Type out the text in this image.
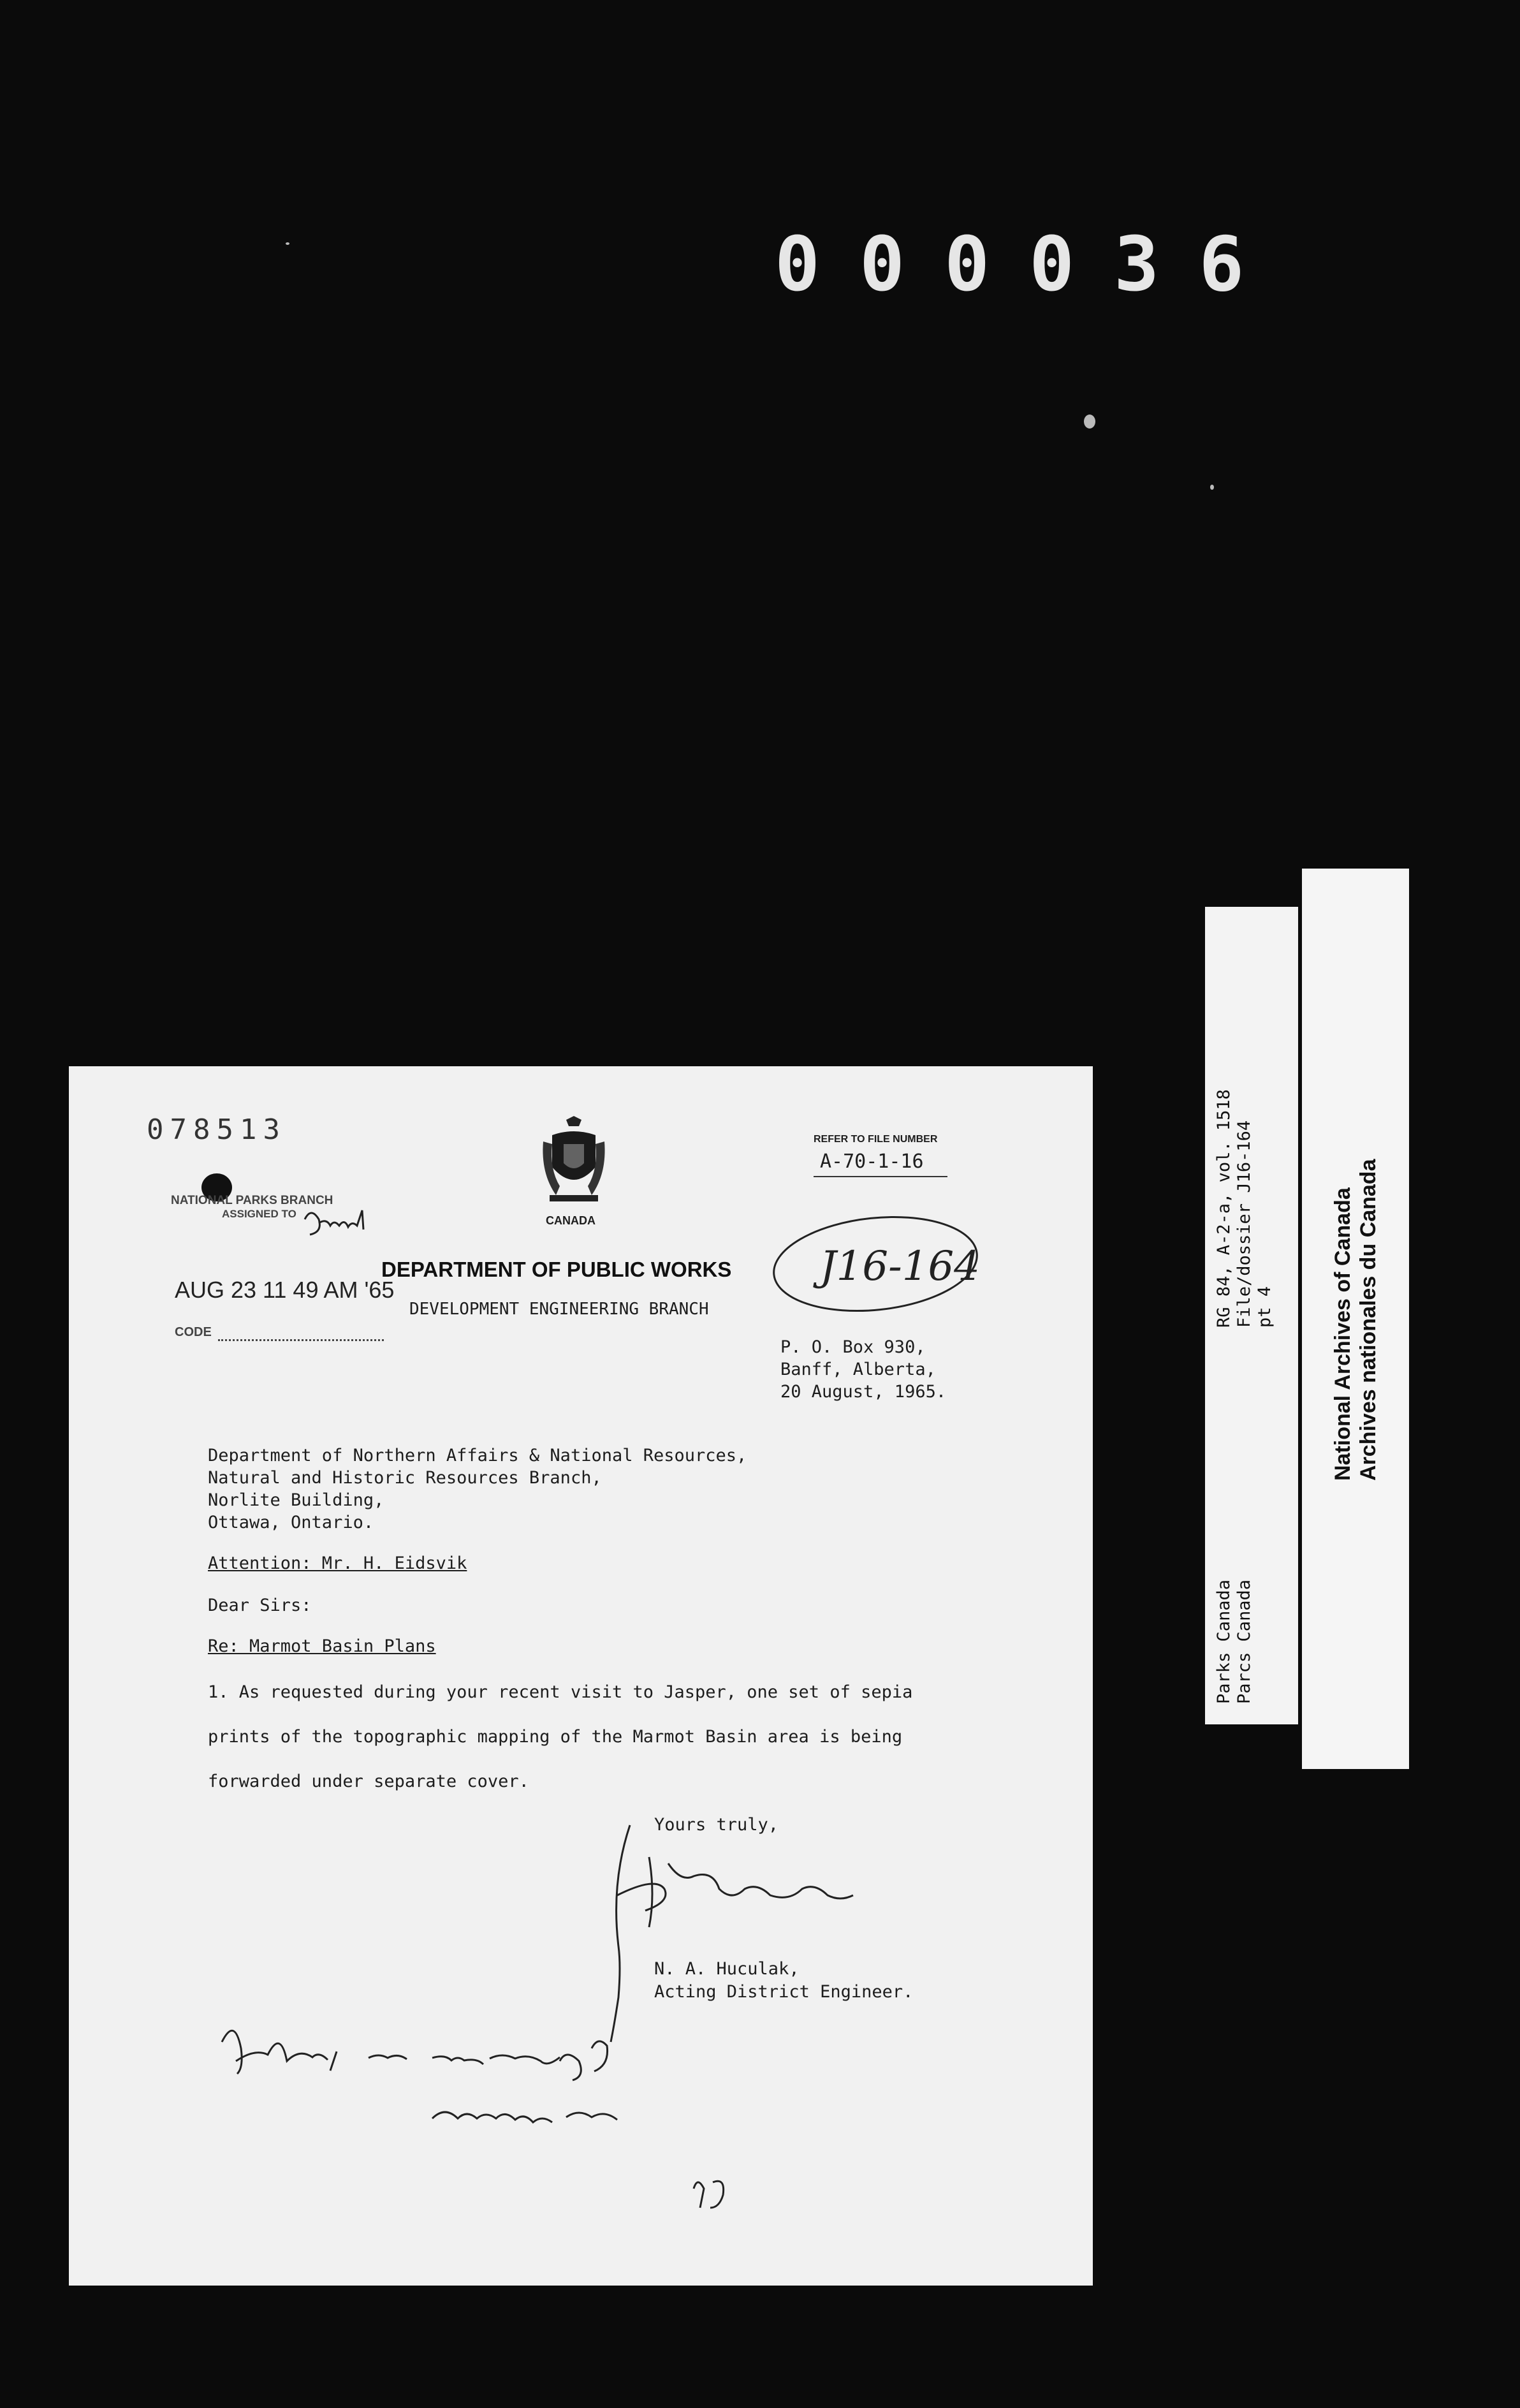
000036
J16-164
078513
NATIONAL PARKS BRANCH
ASSIGNED TO
AUG 23 11 49 AM '65
CODE
CANADA
DEPARTMENT OF PUBLIC WORKS
DEVELOPMENT ENGINEERING BRANCH
REFER TO FILE NUMBER
A-70-1-16
P. O. Box 930,
Banff, Alberta,
20 August, 1965.
Department of Northern Affairs & National Resources,
Natural and Historic Resources Branch,
Norlite Building,
Ottawa, Ontario.
Attention: Mr. H. Eidsvik
Dear Sirs:
Re: Marmot Basin Plans
1. As requested during your recent visit to Jasper, one set of sepia
prints of the topographic mapping of the Marmot Basin area is being
forwarded under separate cover.
Yours truly,
N. A. Huculak,
Acting District Engineer.
RG 84, A-2-a, vol. 1518 File/dossier J16-164 pt 4
Parks Canada Parcs Canada
National Archives of Canada Archives nationales du Canada
